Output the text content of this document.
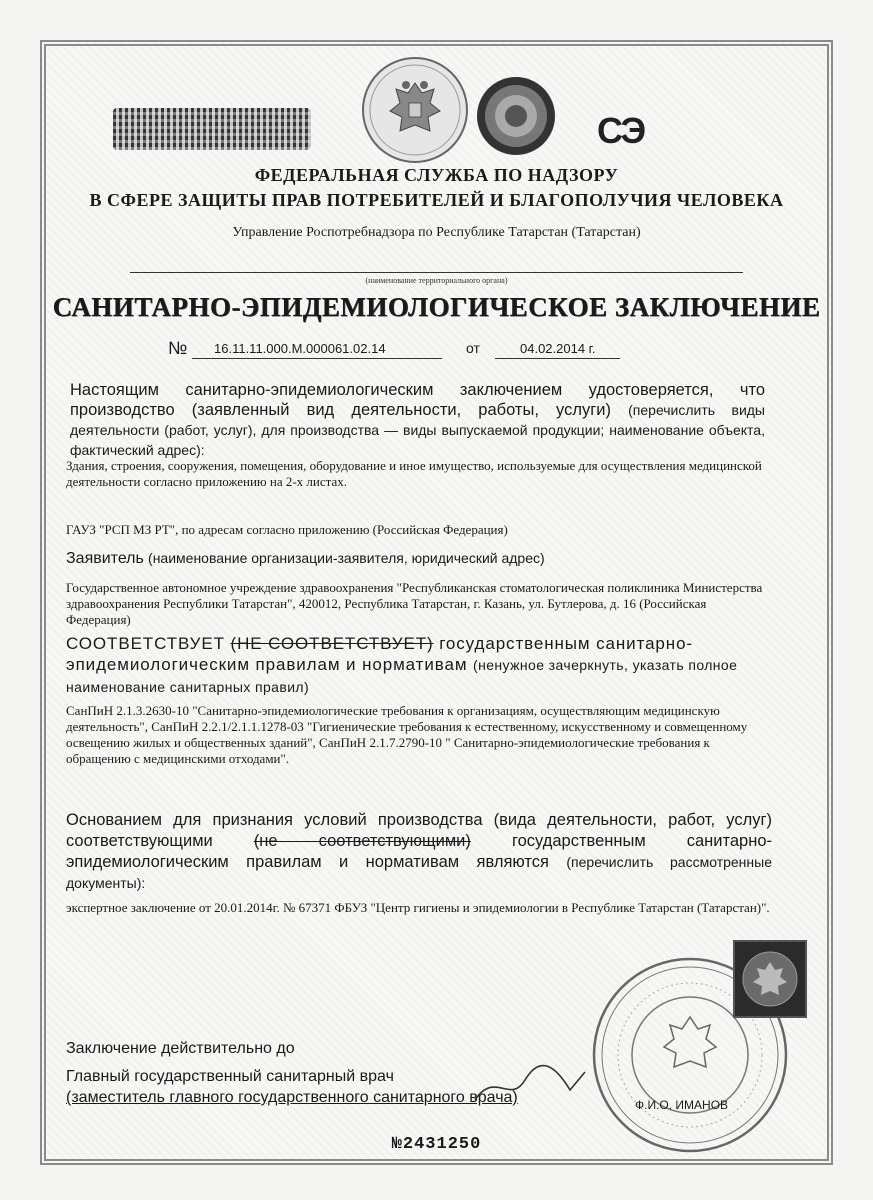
СЭ
ФЕДЕРАЛЬНАЯ СЛУЖБА ПО НАДЗОРУ
В СФЕРЕ ЗАЩИТЫ ПРАВ ПОТРЕБИТЕЛЕЙ И БЛАГОПОЛУЧИЯ ЧЕЛОВЕКА
Управление Роспотребнадзора по Республике Татарстан (Татарстан)
(наименование территориального органа)
САНИТАРНО-ЭПИДЕМИОЛОГИЧЕСКОЕ ЗАКЛЮЧЕНИЕ
№ 16.11.11.000.М.000061.02.14	от	04.02.2014 г.
Настоящим санитарно-эпидемиологическим заключением удостоверяется, что производство (заявленный вид деятельности, работы, услуги) (перечислить виды деятельности (работ, услуг), для производства — виды выпускаемой продукции; наименование объекта, фактический адрес):
Здания, строения, сооружения, помещения, оборудование и иное имущество, используемые для осуществления медицинской деятельности согласно приложению на 2-х листах.
ГАУЗ "РСП МЗ РТ", по адресам согласно приложению (Российская Федерация)
Заявитель (наименование организации-заявителя, юридический адрес)
Государственное автономное учреждение здравоохранения "Республиканская стоматологическая поликлиника Министерства здравоохранения Республики Татарстан", 420012, Республика Татарстан, г. Казань, ул. Бутлерова, д. 16 (Российская Федерация)
СООТВЕТСТВУЕТ (НЕ СООТВЕТСТВУЕТ) государственным санитарно-эпидемиологическим правилам и нормативам (ненужное зачеркнуть, указать полное наименование санитарных правил)
СанПиН 2.1.3.2630-10 "Санитарно-эпидемиологические требования к организациям, осуществляющим медицинскую деятельность", СанПиН 2.2.1/2.1.1.1278-03 "Гигиенические требования к естественному, искусственному и совмещенному освещению жилых и общественных зданий", СанПиН 2.1.7.2790-10 " Санитарно-эпидемиологические требования к обращению с медицинскими отходами".
Основанием для признания условий производства (вида деятельности, работ, услуг) соответствующими (не соответствующими) государственным санитарно-эпидемиологическим правилам и нормативам являются (перечислить рассмотренные документы):
экспертное заключение от 20.01.2014г. № 67371 ФБУЗ "Центр гигиены и эпидемиологии в Республике Татарстан (Татарстан)".
Заключение действительно до
Главный государственный санитарный врач
(заместитель главного государственного санитарного врача)	Ф.И.О. ИМАНОВ
№2431250
